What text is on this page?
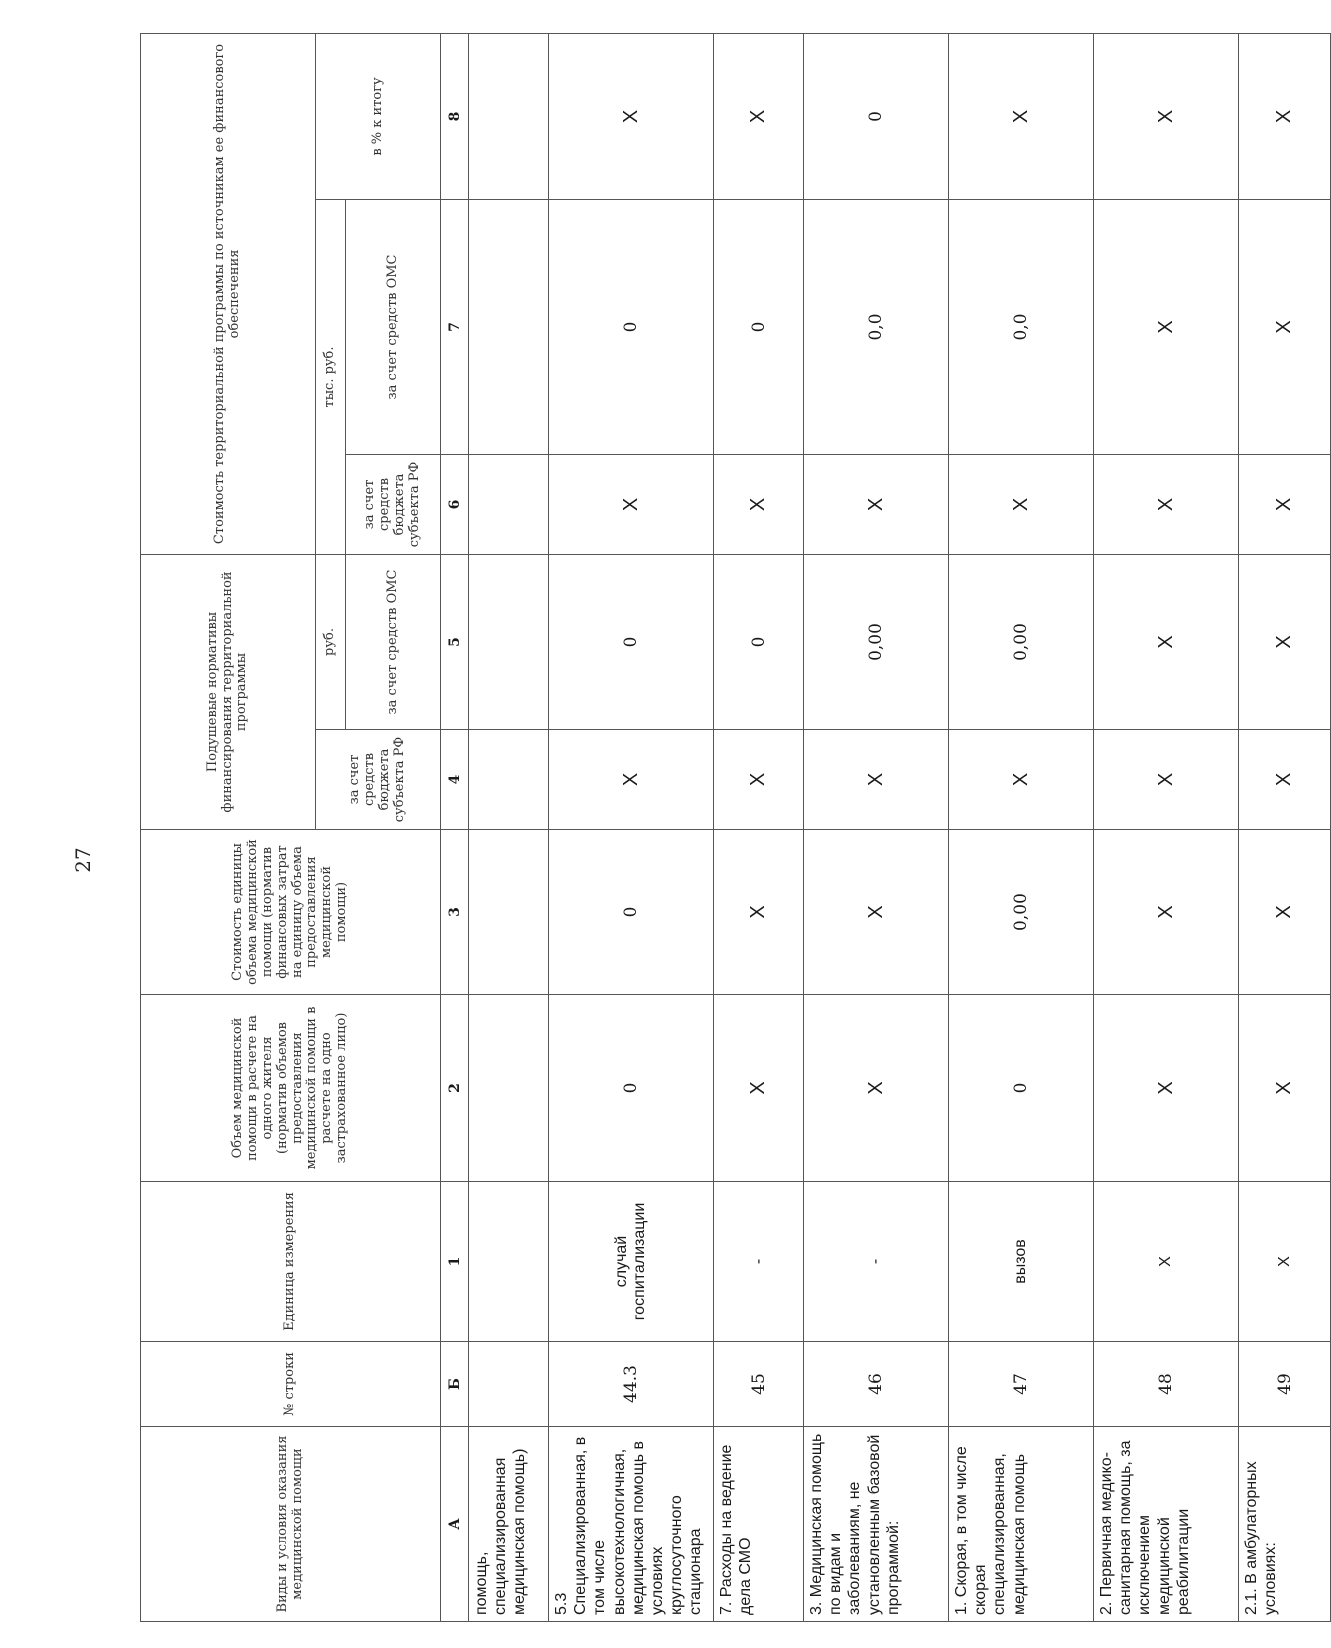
27
Виды и условия оказания медицинской помощи	№ строки	Единица измерения	Объем медицинской помощи в расчете на одного жителя (норматив объемов предоставления медицинской помощи в расчете на одно застрахованное лицо)	Стоимость единицы объема медицинской помощи (норматив финансовых затрат на единицу объема предоставления медицинской помощи)	Подушевые нормативы финансирования территориальной программы		Стоимость территориальной программы по источникам ее финансового обеспечения		
					за счет средств бюджета субъекта РФ	руб.	тыс. руб.		в % к итогу
						за счет средств ОМС	за счет средств бюджета субъекта РФ	за счет средств ОМС	
А	Б	1	2	3	4	5	6	7	8
помощь, специализированная медицинская помощь)									
5.3 Специализированная, в том числе высокотехнологичная, медицинская помощь в условиях круглосуточного стационара	44.3	случай госпитализации	0	0	X	0	X	0	X
7. Расходы на ведение дела СМО	45	-	X	X	X	0	X	0	X
3. Медицинская помощь по видам и заболеваниям, не установленным базовой программой:	46	-	X	X	X	0,00	X	0,0	0
1. Скорая, в том числе скорая специализированная, медицинская помощь	47	вызов	0	0,00	X	0,00	X	0,0	X
2. Первичная медико-санитарная помощь, за исключением медицинской реабилитации	48	X	X	X	X	X	X	X	X
2.1. В амбулаторных условиях:	49	X	X	X	X	X	X	X	X
